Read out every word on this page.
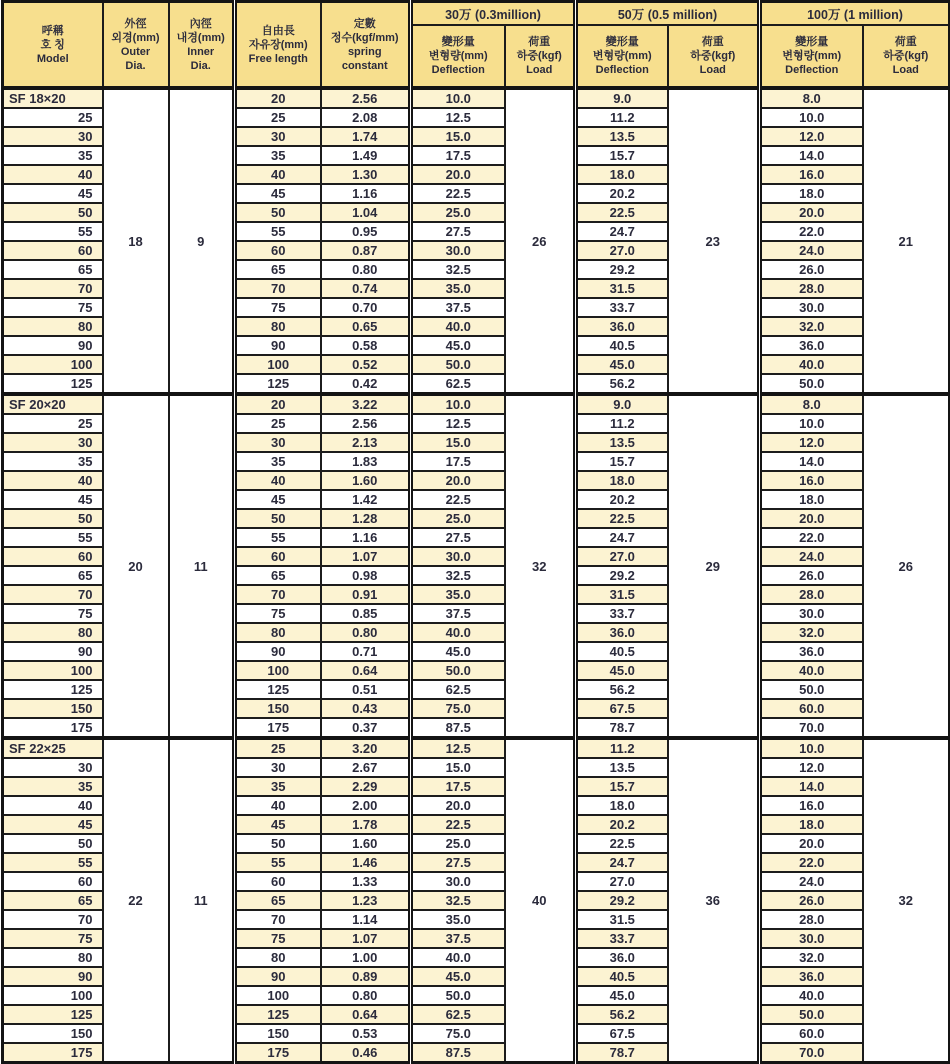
呼稱
호 칭
Model	外徑
외경(mm)
Outer
Dia.	內徑
내경(mm)
Inner
Dia.	自由長
자유장(mm)
Free length	定數
정수(kgf/mm)
spring
constant	30万 (0.3million)		50万 (0.5 million)		100万 (1 million)	

					變形量
변형량(mm)
Deflection	荷重
하중(kgf)
Load	變形量
변형량(mm)
Deflection	荷重
하중(kgf)
Load	變形量
변형량(mm)
Deflection	荷重
하중(kgf)
Load

SF 18×20	18	9	20	2.56	10.0	26	9.0	23	8.0	21
25			25	2.08	12.5		11.2		10.0	
30			30	1.74	15.0		13.5		12.0	
35			35	1.49	17.5		15.7		14.0	
40			40	1.30	20.0		18.0		16.0	
45			45	1.16	22.5		20.2		18.0	
50			50	1.04	25.0		22.5		20.0	
55			55	0.95	27.5		24.7		22.0	
60			60	0.87	30.0		27.0		24.0	
65			65	0.80	32.5		29.2		26.0	
70			70	0.74	35.0		31.5		28.0	
75			75	0.70	37.5		33.7		30.0	
80			80	0.65	40.0		36.0		32.0	
90			90	0.58	45.0		40.5		36.0	
100			100	0.52	50.0		45.0		40.0	
125			125	0.42	62.5		56.2		50.0	
SF 20×20	20	11	20	3.22	10.0	32	9.0	29	8.0	26
25			25	2.56	12.5		11.2		10.0	
30			30	2.13	15.0		13.5		12.0	
35			35	1.83	17.5		15.7		14.0	
40			40	1.60	20.0		18.0		16.0	
45			45	1.42	22.5		20.2		18.0	
50			50	1.28	25.0		22.5		20.0	
55			55	1.16	27.5		24.7		22.0	
60			60	1.07	30.0		27.0		24.0	
65			65	0.98	32.5		29.2		26.0	
70			70	0.91	35.0		31.5		28.0	
75			75	0.85	37.5		33.7		30.0	
80			80	0.80	40.0		36.0		32.0	
90			90	0.71	45.0		40.5		36.0	
100			100	0.64	50.0		45.0		40.0	
125			125	0.51	62.5		56.2		50.0	
150			150	0.43	75.0		67.5		60.0	
175			175	0.37	87.5		78.7		70.0	
SF 22×25	22	11	25	3.20	12.5	40	11.2	36	10.0	32
30			30	2.67	15.0		13.5		12.0	
35			35	2.29	17.5		15.7		14.0	
40			40	2.00	20.0		18.0		16.0	
45			45	1.78	22.5		20.2		18.0	
50			50	1.60	25.0		22.5		20.0	
55			55	1.46	27.5		24.7		22.0	
60			60	1.33	30.0		27.0		24.0	
65			65	1.23	32.5		29.2		26.0	
70			70	1.14	35.0		31.5		28.0	
75			75	1.07	37.5		33.7		30.0	
80			80	1.00	40.0		36.0		32.0	
90			90	0.89	45.0		40.5		36.0	
100			100	0.80	50.0		45.0		40.0	
125			125	0.64	62.5		56.2		50.0	
150			150	0.53	75.0		67.5		60.0	
175			175	0.46	87.5		78.7		70.0	
